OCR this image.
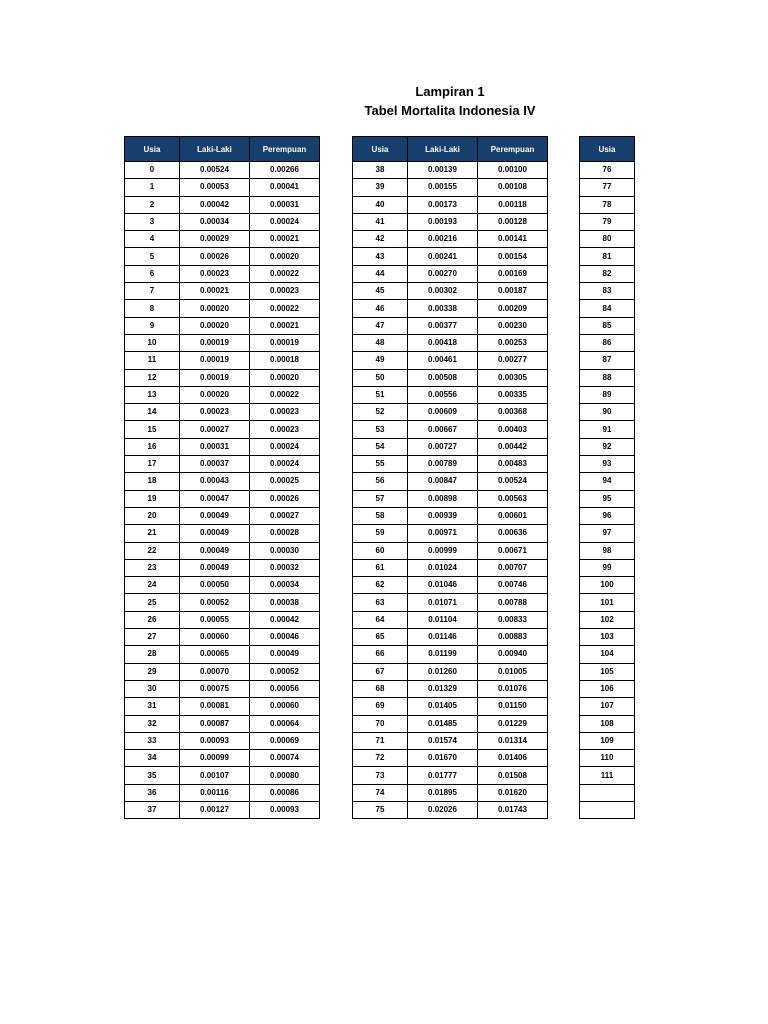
Lampiran 1
Tabel Mortalita Indonesia IV
Usia	Laki-Laki	Perempuan
0	0.00524	0.00266
1	0.00053	0.00041
2	0.00042	0.00031
3	0.00034	0.00024
4	0.00029	0.00021
5	0.00026	0.00020
6	0.00023	0.00022
7	0.00021	0.00023
8	0.00020	0.00022
9	0.00020	0.00021
10	0.00019	0.00019
11	0.00019	0.00018
12	0.00019	0.00020
13	0.00020	0.00022
14	0.00023	0.00023
15	0.00027	0.00023
16	0.00031	0.00024
17	0.00037	0.00024
18	0.00043	0.00025
19	0.00047	0.00026
20	0.00049	0.00027
21	0.00049	0.00028
22	0.00049	0.00030
23	0.00049	0.00032
24	0.00050	0.00034
25	0.00052	0.00038
26	0.00055	0.00042
27	0.00060	0.00046
28	0.00065	0.00049
29	0.00070	0.00052
30	0.00075	0.00056
31	0.00081	0.00060
32	0.00087	0.00064
33	0.00093	0.00069
34	0.00099	0.00074
35	0.00107	0.00080
36	0.00116	0.00086
37	0.00127	0.00093
Usia	Laki-Laki	Perempuan
38	0.00139	0.00100
39	0.00155	0.00108
40	0.00173	0.00118
41	0.00193	0.00128
42	0.00216	0.00141
43	0.00241	0.00154
44	0.00270	0.00169
45	0.00302	0.00187
46	0.00338	0.00209
47	0.00377	0.00230
48	0.00418	0.00253
49	0.00461	0.00277
50	0.00508	0.00305
51	0.00556	0.00335
52	0.00609	0.00368
53	0.00667	0.00403
54	0.00727	0.00442
55	0.00789	0.00483
56	0.00847	0.00524
57	0.00898	0.00563
58	0.00939	0.00601
59	0.00971	0.00636
60	0.00999	0.00671
61	0.01024	0.00707
62	0.01046	0.00746
63	0.01071	0.00788
64	0.01104	0.00833
65	0.01146	0.00883
66	0.01199	0.00940
67	0.01260	0.01005
68	0.01329	0.01076
69	0.01405	0.01150
70	0.01485	0.01229
71	0.01574	0.01314
72	0.01670	0.01406
73	0.01777	0.01508
74	0.01895	0.01620
75	0.02026	0.01743
Usia
76
77
78
79
80
81
82
83
84
85
86
87
88
89
90
91
92
93
94
95
96
97
98
99
100
101
102
103
104
105
106
107
108
109
110
111
